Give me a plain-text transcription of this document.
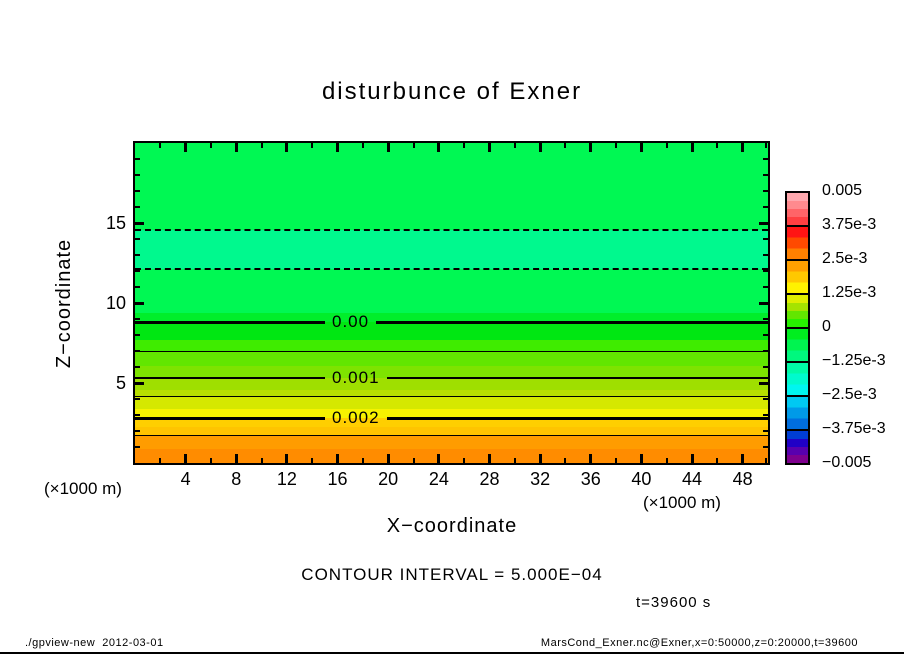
disturbunce of Exner
Z−coordinate
(×1000 m)
0.00
0.001
0.002
5
10
15
4	8	12	16	20	24	28	32	36	40	44	48
(×1000 m)
X−coordinate
0.005
3.75e-3
2.5e-3
1.25e-3
0
−1.25e-3
−2.5e-3
−3.75e-3
−0.005
CONTOUR INTERVAL = 5.000E−04
t=39600 s
./gpview-new  2012-03-01	MarsCond_Exner.nc@Exner,x=0:50000,z=0:20000,t=39600
